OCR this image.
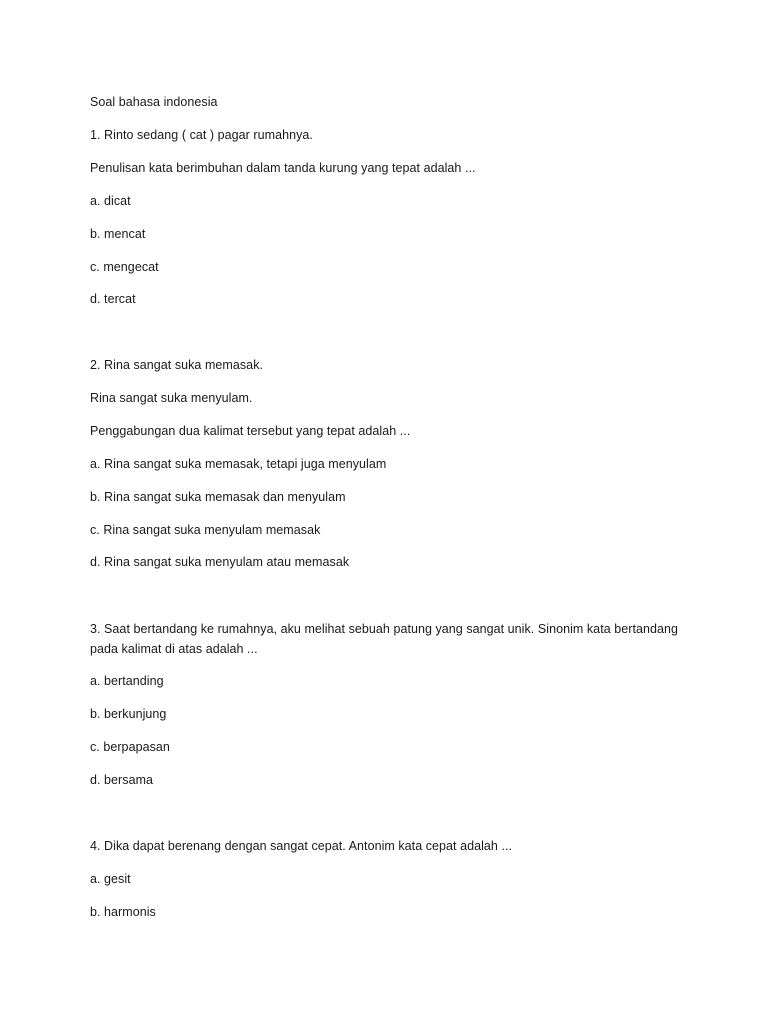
Soal bahasa indonesia
1. Rinto sedang ( cat ) pagar rumahnya.
Penulisan kata berimbuhan dalam tanda kurung yang tepat adalah ...
a. dicat
b. mencat
c. mengecat
d. tercat
2. Rina sangat suka memasak.
Rina sangat suka menyulam.
Penggabungan dua kalimat tersebut yang tepat adalah ...
a. Rina sangat suka memasak, tetapi juga menyulam
b. Rina sangat suka memasak dan menyulam
c. Rina sangat suka menyulam memasak
d. Rina sangat suka menyulam atau memasak
3. Saat bertandang ke rumahnya, aku melihat sebuah patung yang sangat unik. Sinonim kata bertandang pada kalimat di atas adalah ...
a. bertanding
b. berkunjung
c. berpapasan
d. bersama
4. Dika dapat berenang dengan sangat cepat. Antonim kata cepat adalah ...
a. gesit
b. harmonis
